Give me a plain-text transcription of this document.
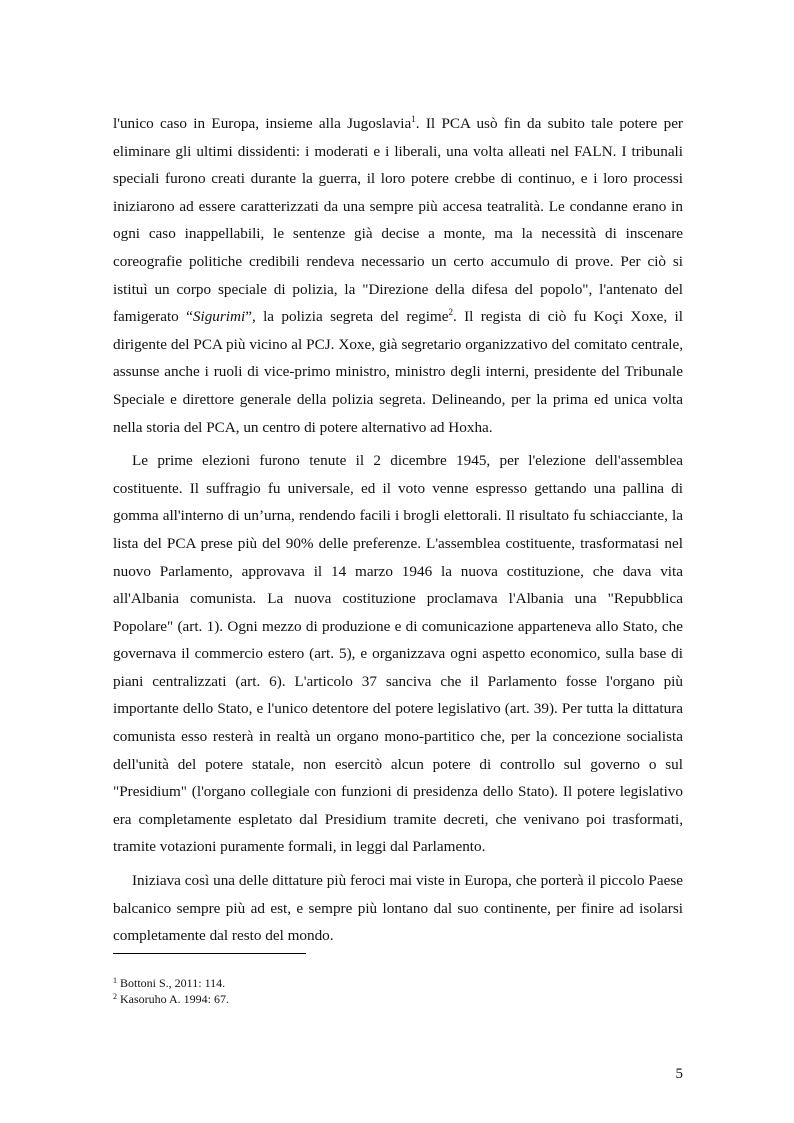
l'unico caso in Europa, insieme alla Jugoslavia$^1$. Il PCA usò fin da subito tale potere per eliminare gli ultimi dissidenti: i moderati e i liberali, una volta alleati nel FALN. I tribunali speciali furono creati durante la guerra, il loro potere crebbe di continuo, e i loro processi iniziarono ad essere caratterizzati da una sempre più accesa teatralità. Le condanne erano in ogni caso inappellabili, le sentenze già decise a monte, ma la necessità di inscenare coreografie politiche credibili rendeva necessario un certo accumulo di prove. Per ciò si istituì un corpo speciale di polizia, la "Direzione della difesa del popolo", l'antenato del famigerato “Sigurimi”, la polizia segreta del regime$^2$. Il regista di ciò fu Koçi Xoxe, il dirigente del PCA più vicino al PCJ. Xoxe, già segretario organizzativo del comitato centrale, assunse anche i ruoli di vice-primo ministro, ministro degli interni, presidente del Tribunale Speciale e direttore generale della polizia segreta. Delineando, per la prima ed unica volta nella storia del PCA, un centro di potere alternativo ad Hoxha.

Le prime elezioni furono tenute il 2 dicembre 1945, per l'elezione dell'assemblea costituente. Il suffragio fu universale, ed il voto venne espresso gettando una pallina di gomma all'interno di un’urna, rendendo facili i brogli elettorali. Il risultato fu schiacciante, la lista del PCA prese più del 90% delle preferenze. L'assemblea costituente, trasformatasi nel nuovo Parlamento, approvava il 14 marzo 1946 la nuova costituzione, che dava vita all'Albania comunista. La nuova costituzione proclamava l'Albania una "Repubblica Popolare" (art. 1). Ogni mezzo di produzione e di comunicazione apparteneva allo Stato, che governava il commercio estero (art. 5), e organizzava ogni aspetto economico, sulla base di piani centralizzati (art. 6). L'articolo 37 sanciva che il Parlamento fosse l'organo più importante dello Stato, e l'unico detentore del potere legislativo (art. 39). Per tutta la dittatura comunista esso resterà in realtà un organo mono-partitico che, per la concezione socialista dell'unità del potere statale, non esercitò alcun potere di controllo sul governo o sul "Presidium" (l'organo collegiale con funzioni di presidenza dello Stato). Il potere legislativo era completamente espletato dal Presidium tramite decreti, che venivano poi trasformati, tramite votazioni puramente formali, in leggi dal Parlamento.

Iniziava così una delle dittature più feroci mai viste in Europa, che porterà il piccolo Paese balcanico sempre più ad est, e sempre più lontano dal suo continente, per finire ad isolarsi completamente dal resto del mondo.

$^1$ Bottoni S., 2011: 114.
$^2$ Kasoruho A. 1994: 67.
5
